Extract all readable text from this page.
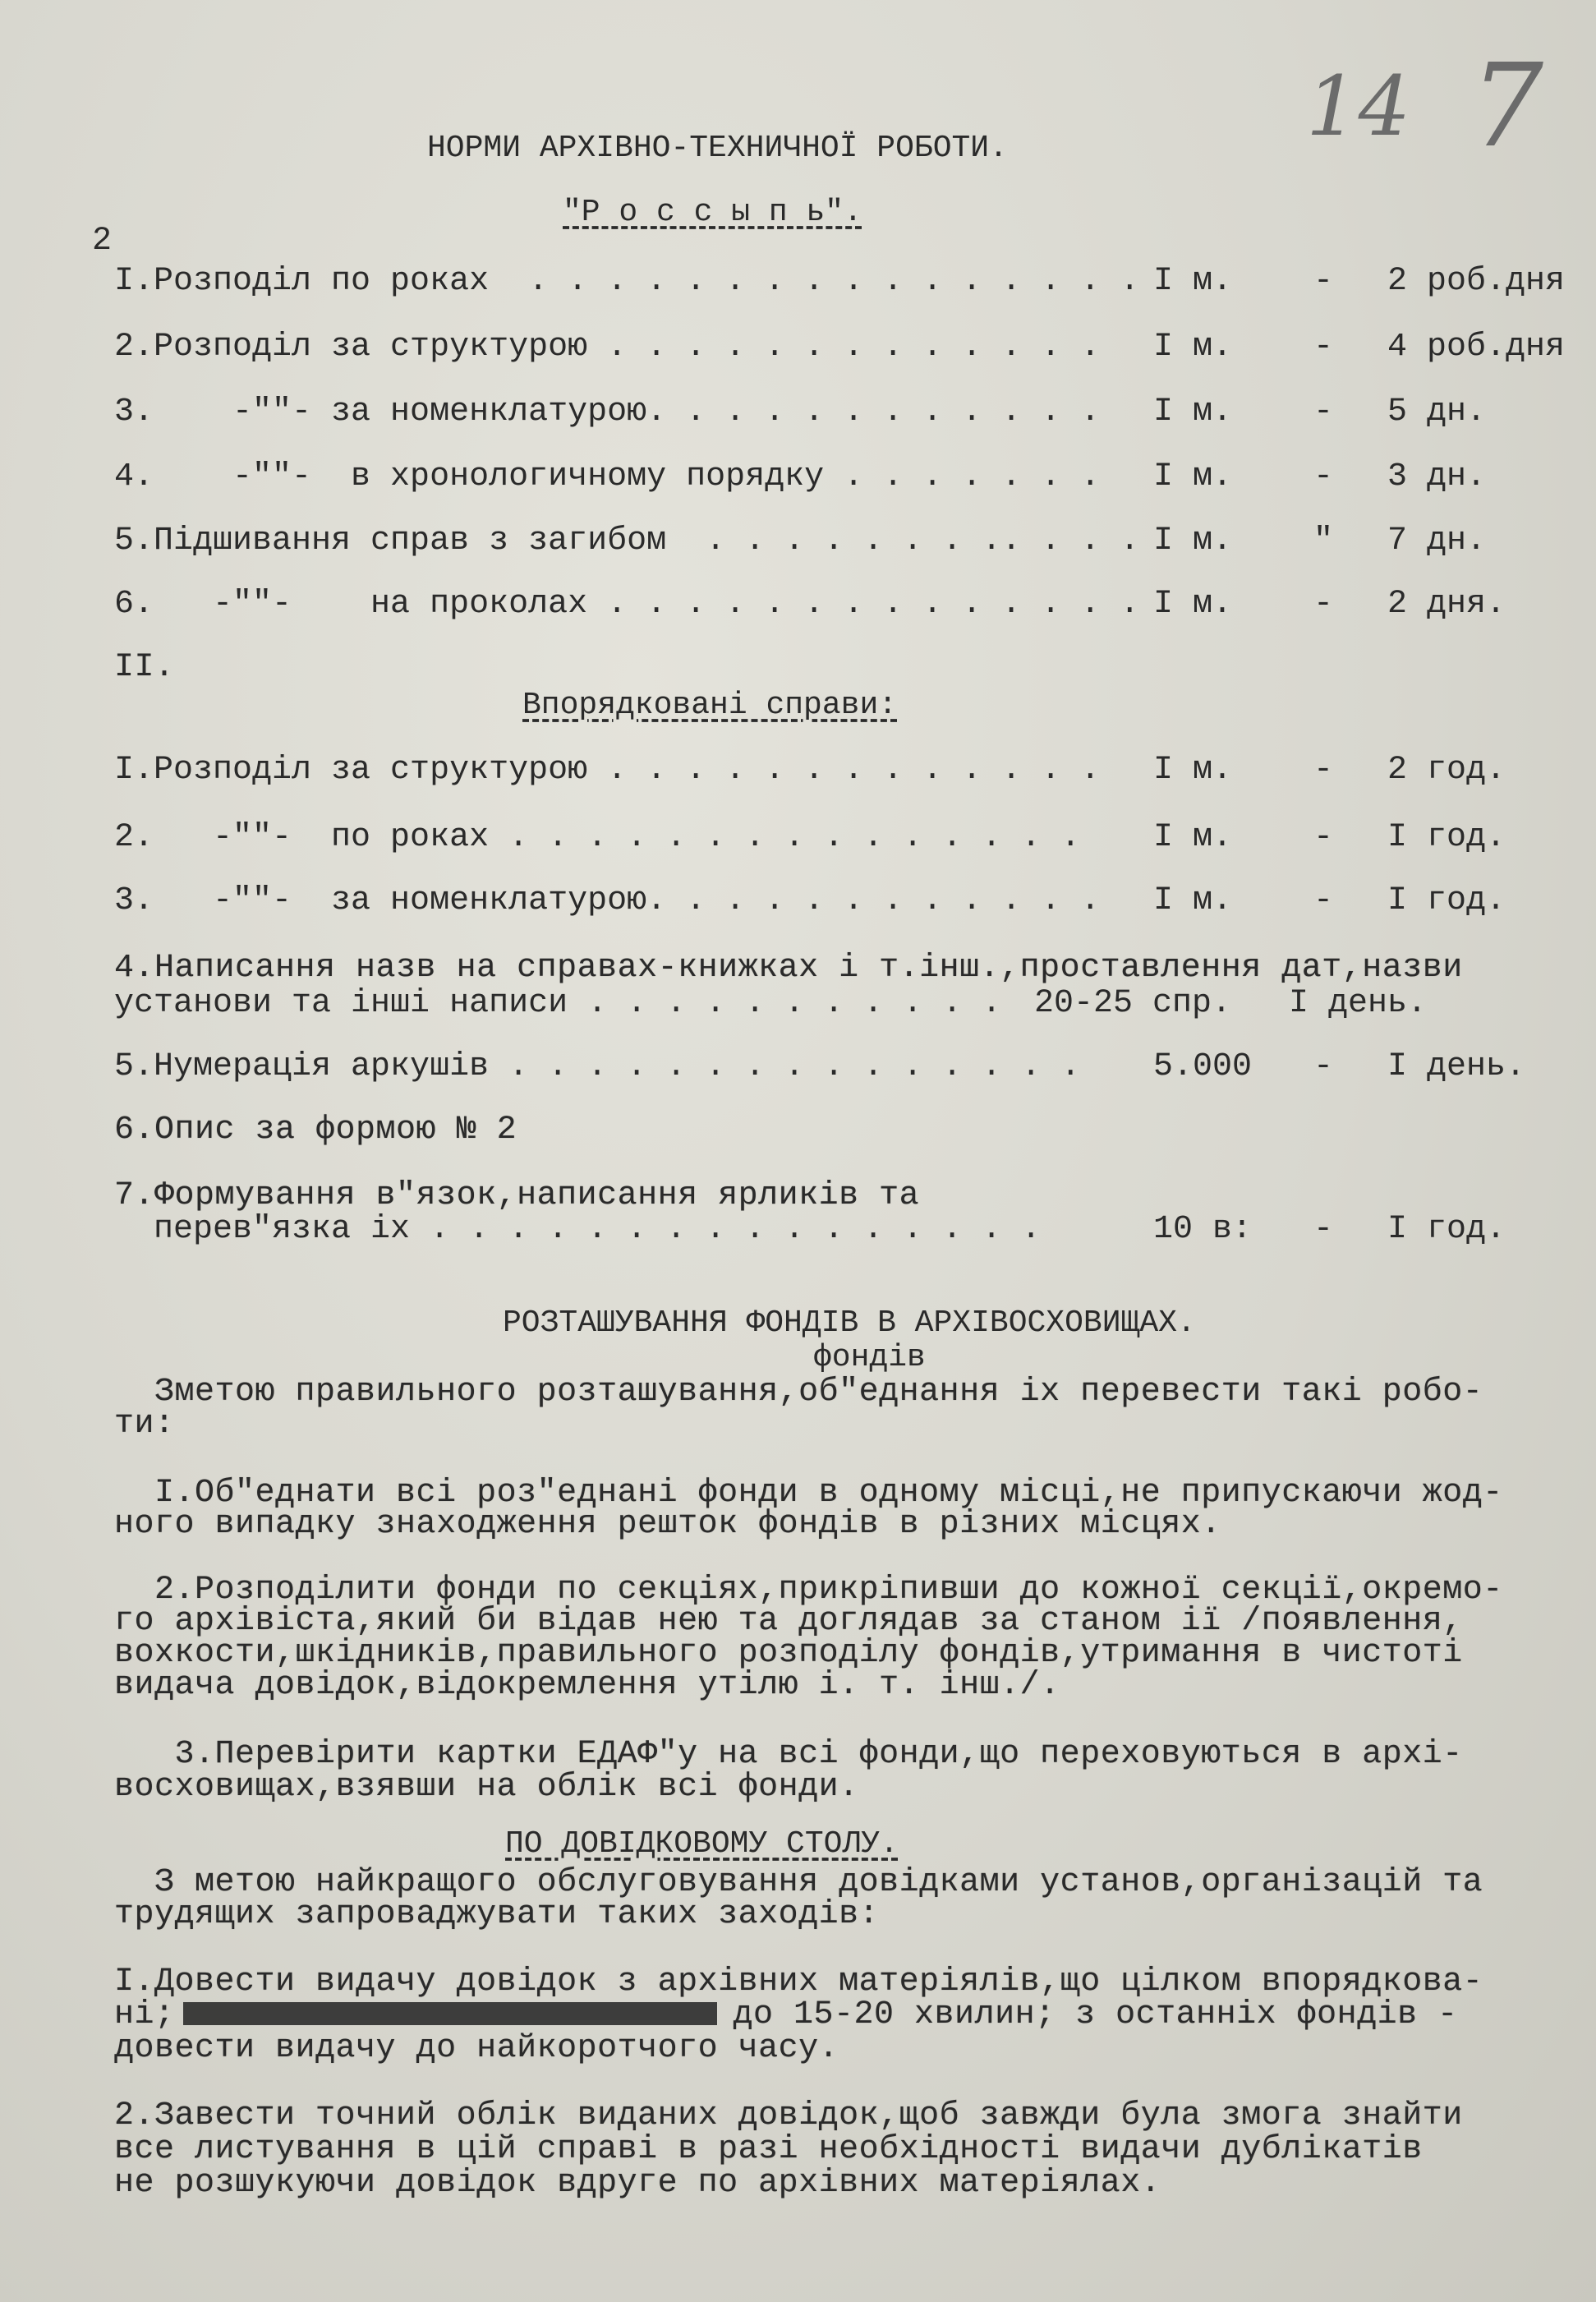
14 7
НОРМИ АРХІВНО-ТЕХНИЧНОЇ РОБОТИ.
"Р о с с ы п ь".
2
I.Розподіл по роках  . . . . . . . . . . . . . . . . I м. - 2 роб.дня
2.Розподіл за структурою . . . . . . . . . . . . . I м. - 4 роб.дня
3.    -""- за номенклатурою. . . . . . . . . . . . I м. - 5 дн.
4.    -""-  в хронологичному порядку . . . . . . . I м. - 3 дн.
5.Підшивання справ з загибом  . . . . . . . .. . . . I м. " 7 дн.
6.   -""-    на проколах . . . . . . . . . . . . . . I м. - 2 дня.
II.
Впорядковані справи:
I.Розподіл за структурою . . . . . . . . . . . . . I м. - 2 год.
2.   -""-  по роках . . . . . . . . . . . . . . . I м. - I год.
3.   -""-  за номенклатурою. . . . . . . . . . . . I м. - I год.
4.Написання назв на справах-книжках і т.інш.,проставлення дат,назви
установи та інші написи . . . . . . . . . . . 20-25 спр. I день.
5.Нумерація аркушів . . . . . . . . . . . . . . . 5.000 - I день.
6.Опис за формою № 2
7.Формування в"язок,написання ярликів та
перев"язка іх . . . . . . . . . . . . . . . .	10 в: - I год.
РОЗТАШУВАННЯ ФОНДІВ В АРХІВОСХОВИЩАХ.
фондів
Зметою правильного розташування,об"еднання іх перевести такі робо-
ти:
I.Об"еднати всі роз"еднані фонди в одному місці,не припускаючи жод-
ного випадку знаходження решток фондів в різних місцях.
2.Розподілити фонди по секціях,прикріпивши до кожної секції,окремо-
го архівіста,який би відав нею та доглядав за станом ії /появлення,
вохкости,шкідників,правильного розподілу фондів,утримання в чистоті
видача довідок,відокремлення утілю і. т. інш./.
3.Перевірити картки ЕДАФ"у на всі фонди,що переховуються в архі-
восховищах,взявши на облік всі фонди.
ПО ДОВІДКОВОМУ СТОЛУ.
З метою найкращого обслуговування довідками установ,організацій та
трудящих запроваджувати таких заходів:
I.Довести видачу довідок з архівних матеріялів,що цілком впорядкова-
ні;	до 15-20 хвилин; з останніх фондів -
довести видачу до найкоротчого часу.
2.Завести точний облік виданих довідок,щоб завжди була змога знайти
все листування в цій справі в разі необхідності видачи дублікатів
не розшукуючи довідок вдруге по архівних матеріялах.
